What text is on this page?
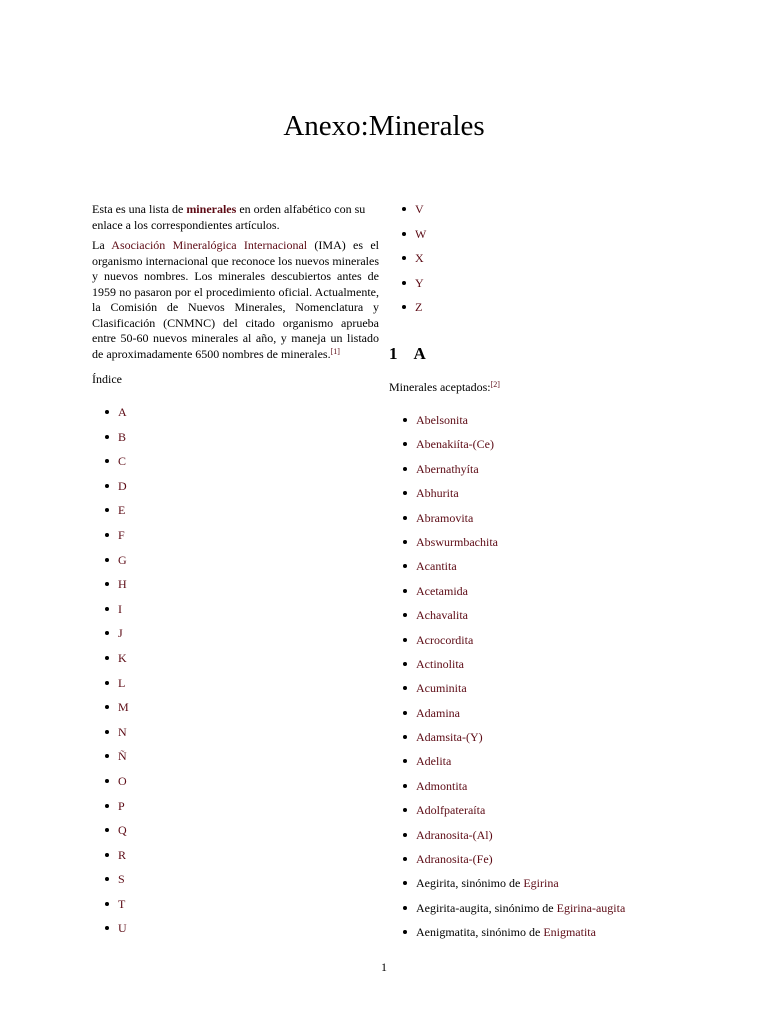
Anexo:Minerales

Esta es una lista de minerales en orden alfabético con su enlace a los correspondientes artículos.

La Asociación Mineralógica Internacional (IMA) es el organismo internacional que reconoce los nuevos minerales y nuevos nombres. Los minerales descubiertos antes de 1959 no pasaron por el procedimiento oficial. Actualmente, la Comisión de Nuevos Minerales, Nomenclatura y Clasificación (CNMNC) del citado organismo aprueba entre 50-60 nuevos minerales al año, y maneja un listado de aproximadamente 6500 nombres de minerales.[1]

Índice
A
B
C
D
E
F
G
H
I
J
K
L
M
N
Ñ
O
P
Q
R
S
T
U
V
W
X
Y
Z
1 A

Minerales aceptados:[2]

Abelsonita
Abenakiíta-(Ce)
Abernathyíta
Abhurita
Abramovita
Abswurmbachita
Acantita
Acetamida
Achavalita
Acrocordita
Actinolita
Acuminita
Adamina
Adamsita-(Y)
Adelita
Admontita
Adolfpateraíta
Adranosita-(Al)
Adranosita-(Fe)
Aegirita, sinónimo de Egirina
Aegirita-augita, sinónimo de Egirina-augita
Aenigmatita, sinónimo de Enigmatita
1
